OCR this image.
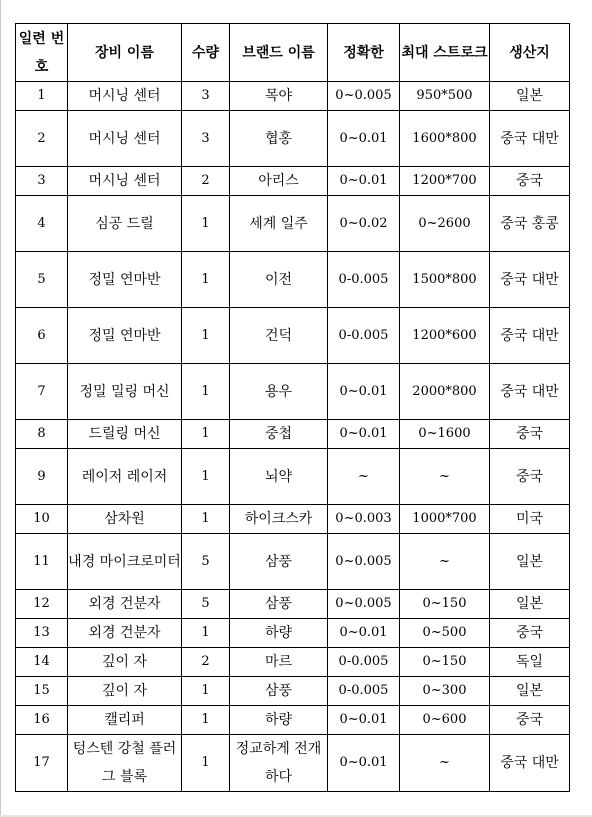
일련 번호	장비 이름	수량	브랜드 이름	정확한	최대 스트로크	생산지
1	머시닝 센터	3	목야	0~0.005	950*500	일본
2	머시닝 센터	3	협홍	0~0.01	1600*800	중국 대만
3	머시닝 센터	2	아리스	0~0.01	1200*700	중국
4	심공 드릴	1	세계 일주	0~0.02	0~2600	중국 홍콩
5	정밀 연마반	1	이전	0-0.005	1500*800	중국 대만
6	정밀 연마반	1	건덕	0-0.005	1200*600	중국 대만
7	정밀 밀링 머신	1	용우	0~0.01	2000*800	중국 대만
8	드릴링 머신	1	중첩	0~0.01	0~1600	중국
9	레이저 레이저	1	뇌약	~	~	중국
10	삼차원	1	하이크스카	0~0.003	1000*700	미국
11	내경 마이크로미터	5	삼풍	0~0.005	~	일본
12	외경 건분자	5	삼풍	0~0.005	0~150	일본
13	외경 건분자	1	하량	0~0.01	0~500	중국
14	깊이 자	2	마르	0-0.005	0~150	독일
15	깊이 자	1	삼풍	0-0.005	0~300	일본
16	캘리퍼	1	하량	0~0.01	0~600	중국
17	텅스텐 강철 플러그 블록	1	정교하게 전개하다	0~0.01	~	중국 대만
